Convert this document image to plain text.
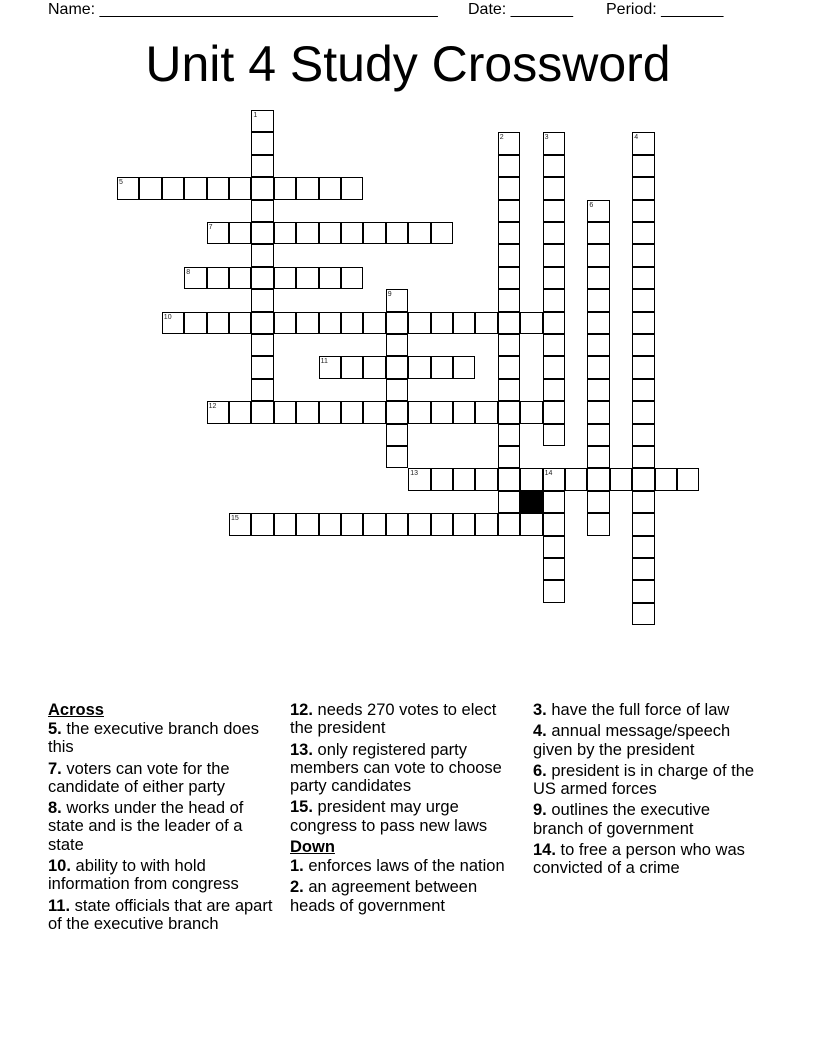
Name: ______________________________________ Date: _______ Period: _______
Unit 4 Study Crossword
1
2	3	4
5
6
7
8
9
10
11
12
13	14
15
Across
5. the executive branch does this
7. voters can vote for the candidate of either party
8. works under the head of state and is the leader of a state
10. ability to with hold information from congress
11. state officials that are apart of the executive branch
12. needs 270 votes to elect the president
13. only registered party members can vote to choose party candidates
15. president may urge congress to pass new laws
Down
1. enforces laws of the nation
2. an agreement between heads of government
3. have the full force of law
4. annual message/speech given by the president
6. president is in charge of the US armed forces
9. outlines the executive branch of government
14. to free a person who was convicted of a crime
